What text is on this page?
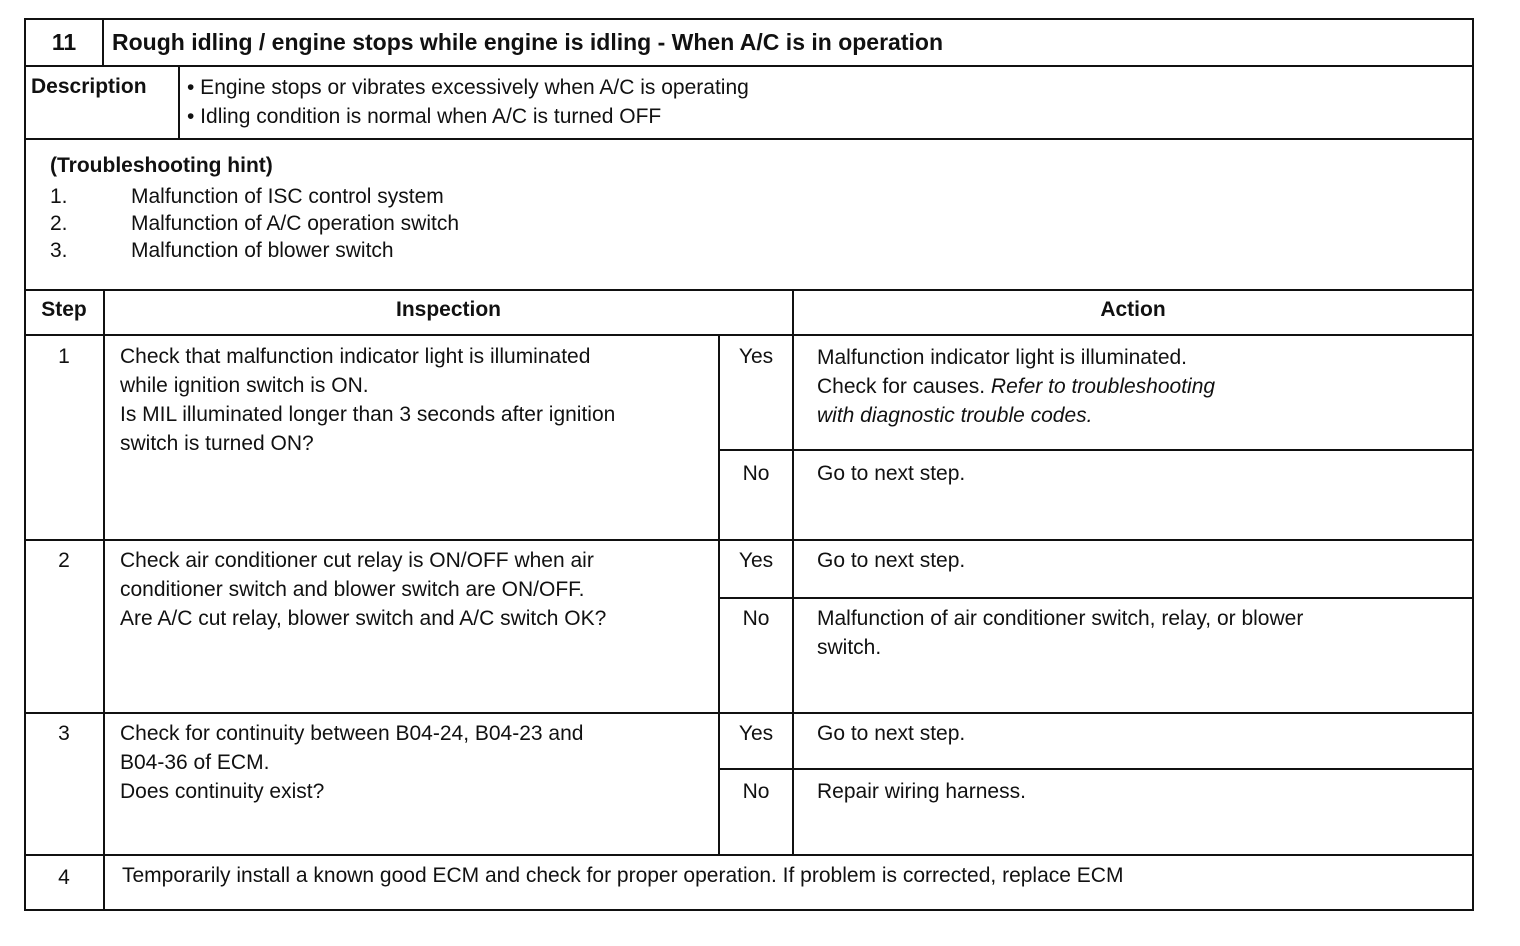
11	Rough idling / engine stops while engine is idling - When A/C is in operation
Description • Engine stops or vibrates excessively when A/C is operating
• Idling condition is normal when A/C is turned OFF
(Troubleshooting hint)
1.	Malfunction of ISC control system
2.	Malfunction of A/C operation switch
3.	Malfunction of blower switch
Step	Inspection	Action
1	Check that malfunction indicator light is illuminated
while ignition switch is ON.
Is MIL illuminated longer than 3 seconds after ignition
switch is turned ON?
Yes	Malfunction indicator light is illuminated.
Check for causes. Refer to troubleshooting
with diagnostic trouble codes.
No	Go to next step.
2	Check air conditioner cut relay is ON/OFF when air
conditioner switch and blower switch are ON/OFF.
Are A/C cut relay, blower switch and A/C switch OK?
Yes	Go to next step.
No	Malfunction of air conditioner switch, relay, or blower
switch.
3	Check for continuity between B04-24, B04-23 and
B04-36 of ECM.
Does continuity exist?
Yes	Go to next step.
No	Repair wiring harness.
4	Temporarily install a known good ECM and check for proper operation. If problem is corrected, replace ECM
